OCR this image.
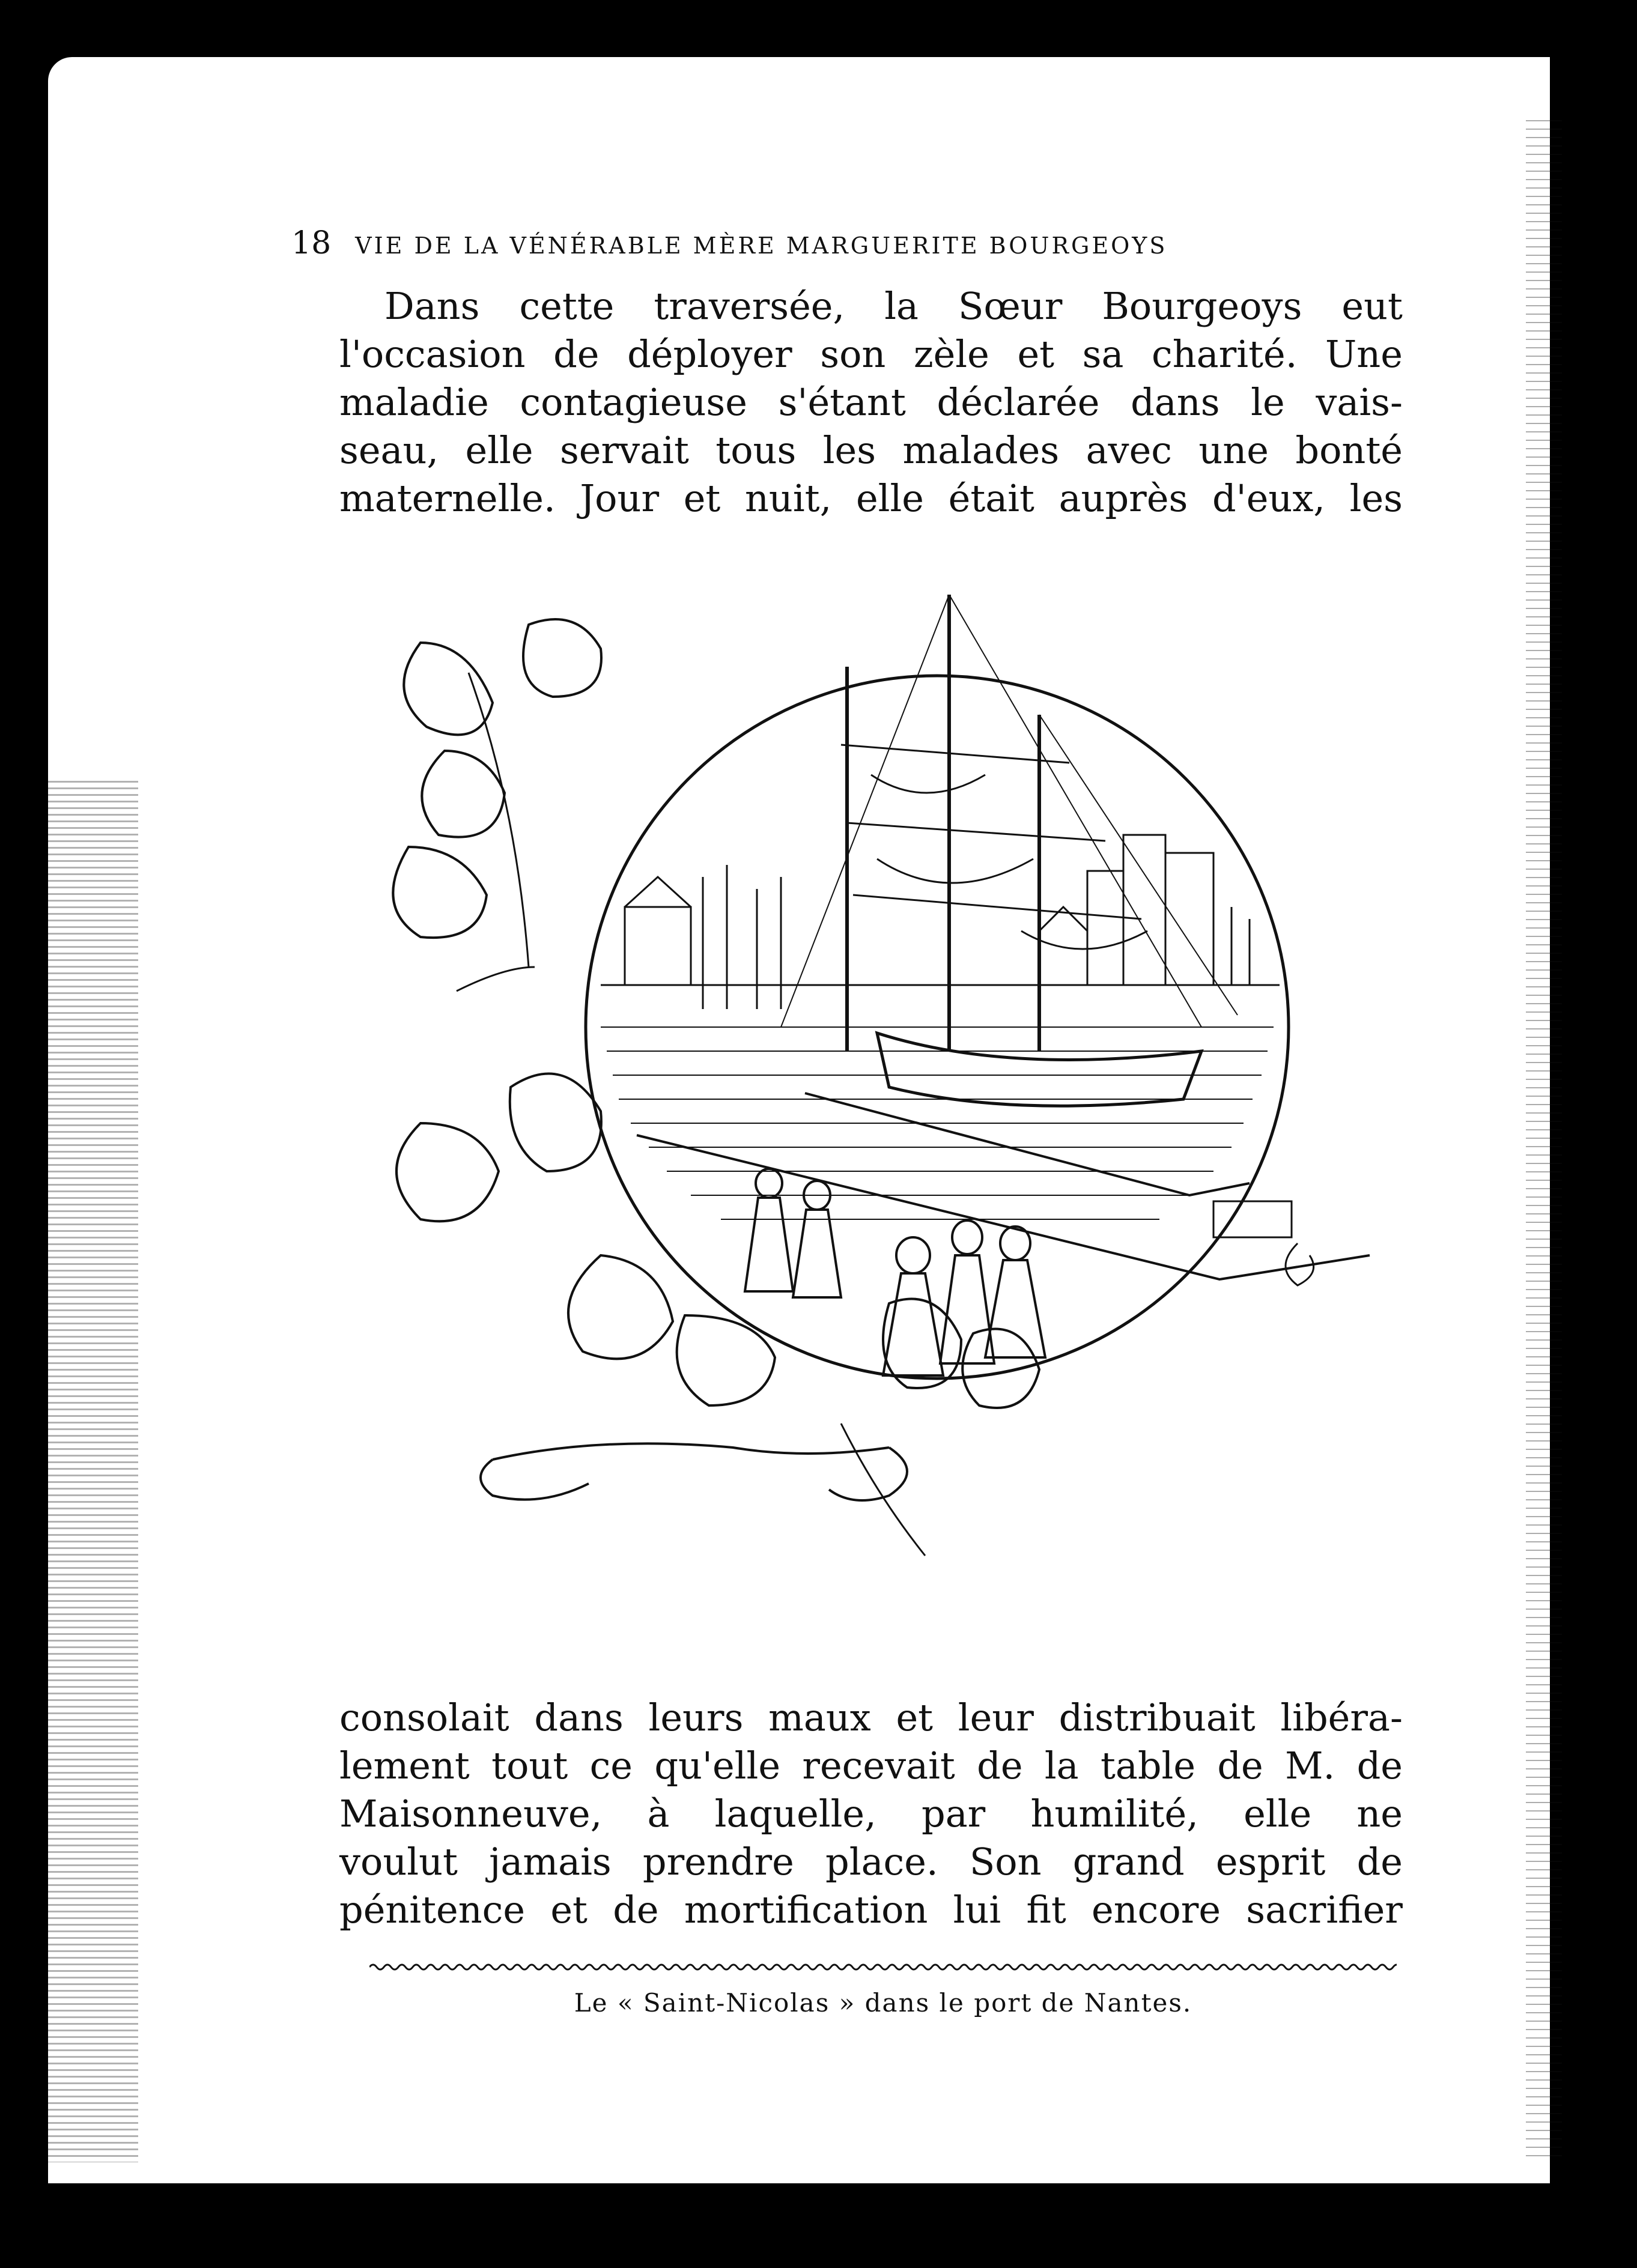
18 VIE DE LA VÉNÉRABLE MÈRE MARGUERITE BOURGEOYS
Dans cette traversée, la Sœur Bourgeoys eut
l'occasion de déployer son zèle et sa charité. Une
maladie contagieuse s'étant déclarée dans le vais-
seau, elle servait tous les malades avec une bonté
maternelle. Jour et nuit, elle était auprès d'eux, les
consolait dans leurs maux et leur distribuait libéra-
lement tout ce qu'elle recevait de la table de M. de
Maisonneuve, à laquelle, par humilité, elle ne
voulut jamais prendre place. Son grand esprit de
pénitence et de mortification lui fit encore sacrifier
Le « Saint-Nicolas » dans le port de Nantes.
